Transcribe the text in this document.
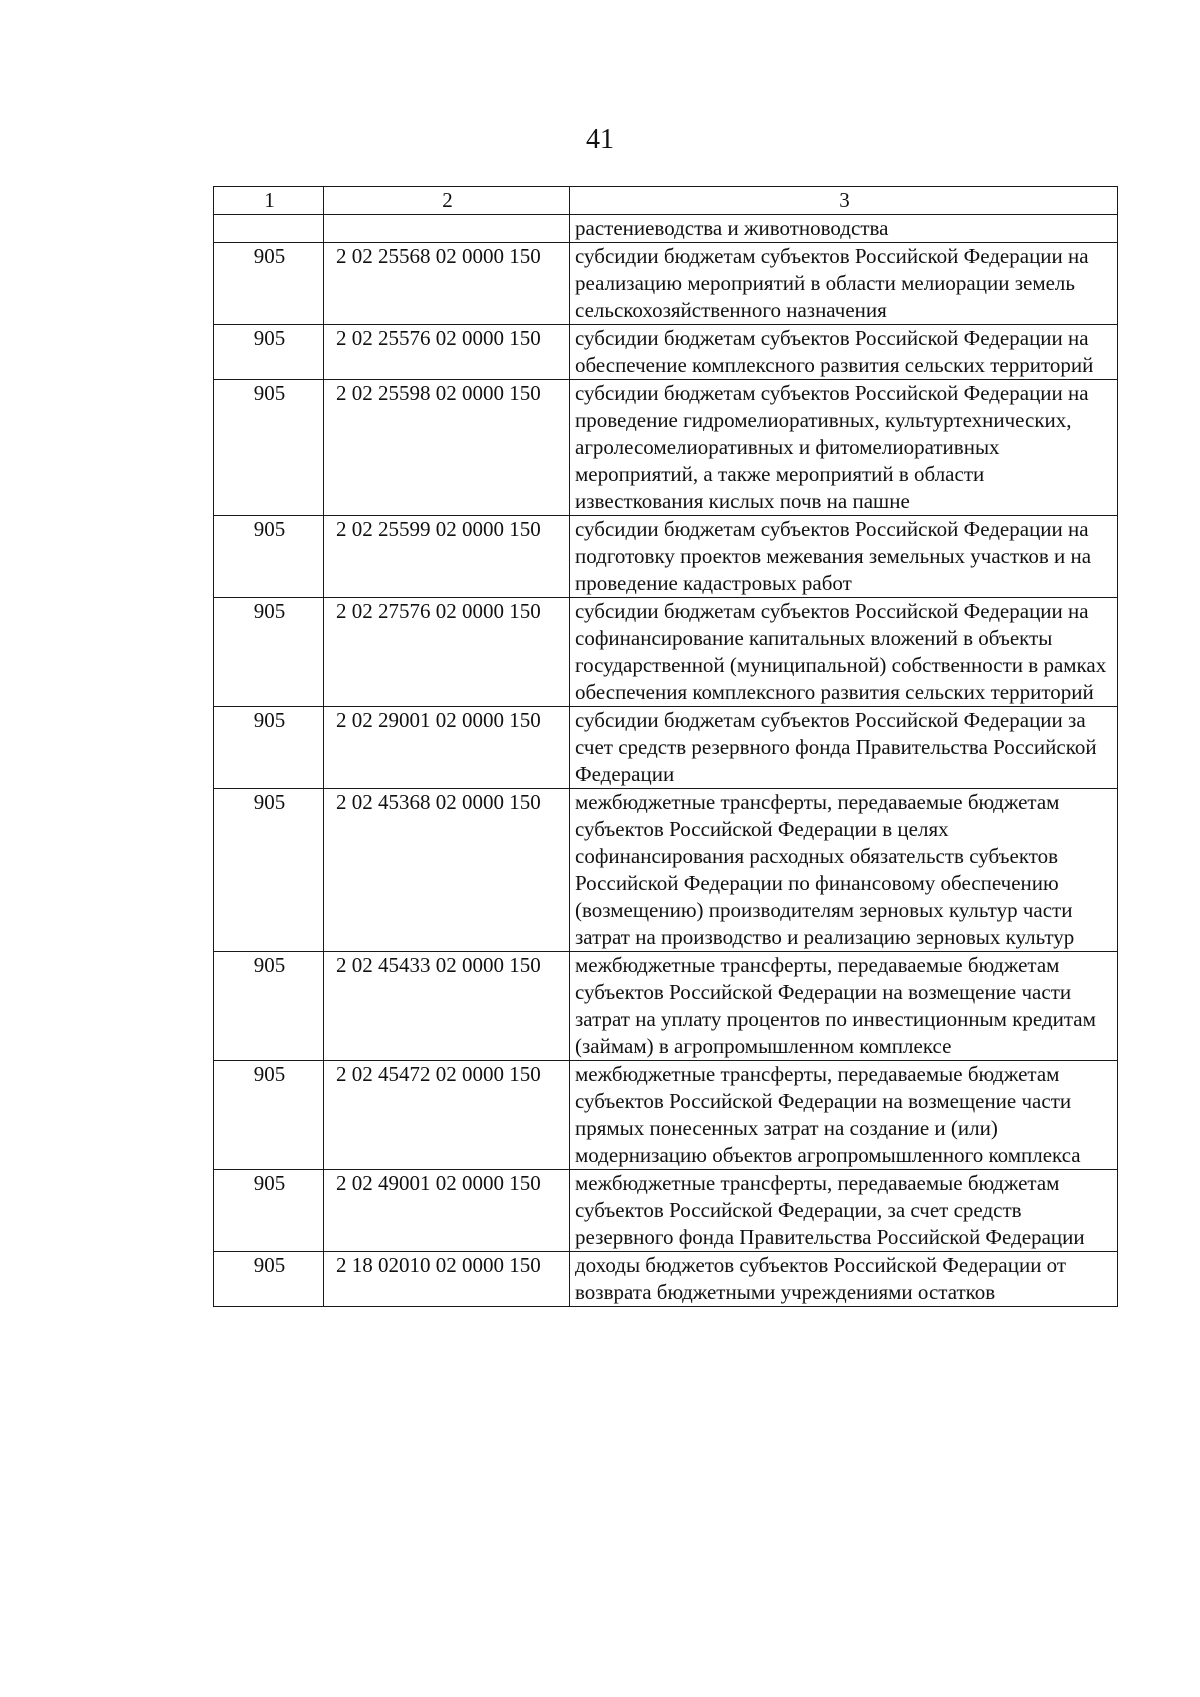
41
1	2	3
		растениеводства и животноводства
905	2 02 25568 02 0000 150	субсидии бюджетам субъектов Российской Федерации на реализацию мероприятий в области мелиорации земель сельскохозяйственного назначения
905	2 02 25576 02 0000 150	субсидии бюджетам субъектов Российской Федерации на обеспечение комплексного развития сельских территорий
905	2 02 25598 02 0000 150	субсидии бюджетам субъектов Российской Федерации на проведение гидромелиоративных, культуртехнических, агролесомелиоративных и фитомелиоративных мероприятий, а также мероприятий в области известкования кислых почв на пашне
905	2 02 25599 02 0000 150	субсидии бюджетам субъектов Российской Федерации на подготовку проектов межевания земельных участков и на проведение кадастровых работ
905	2 02 27576 02 0000 150	субсидии бюджетам субъектов Российской Федерации на софинансирование капитальных вложений в объекты государственной (муниципальной) собственности в рамках обеспечения комплексного развития сельских территорий
905	2 02 29001 02 0000 150	субсидии бюджетам субъектов Российской Федерации за счет средств резервного фонда Правительства Российской Федерации
905	2 02 45368 02 0000 150	межбюджетные трансферты, передаваемые бюджетам субъектов Российской Федерации в целях софинансирования расходных обязательств субъектов Российской Федерации по финансовому обеспечению (возмещению) производителям зерновых культур части затрат на производство и реализацию зерновых культур
905	2 02 45433 02 0000 150	межбюджетные трансферты, передаваемые бюджетам субъектов Российской Федерации на возмещение части затрат на уплату процентов по инвестиционным кредитам (займам) в агропромышленном комплексе
905	2 02 45472 02 0000 150	межбюджетные трансферты, передаваемые бюджетам субъектов Российской Федерации на возмещение части прямых понесенных затрат на создание и (или) модернизацию объектов агропромышленного комплекса
905	2 02 49001 02 0000 150	межбюджетные трансферты, передаваемые бюджетам субъектов Российской Федерации, за счет средств резервного фонда Правительства Российской Федерации
905	2 18 02010 02 0000 150	доходы бюджетов субъектов Российской Федерации от возврата бюджетными учреждениями остатков
